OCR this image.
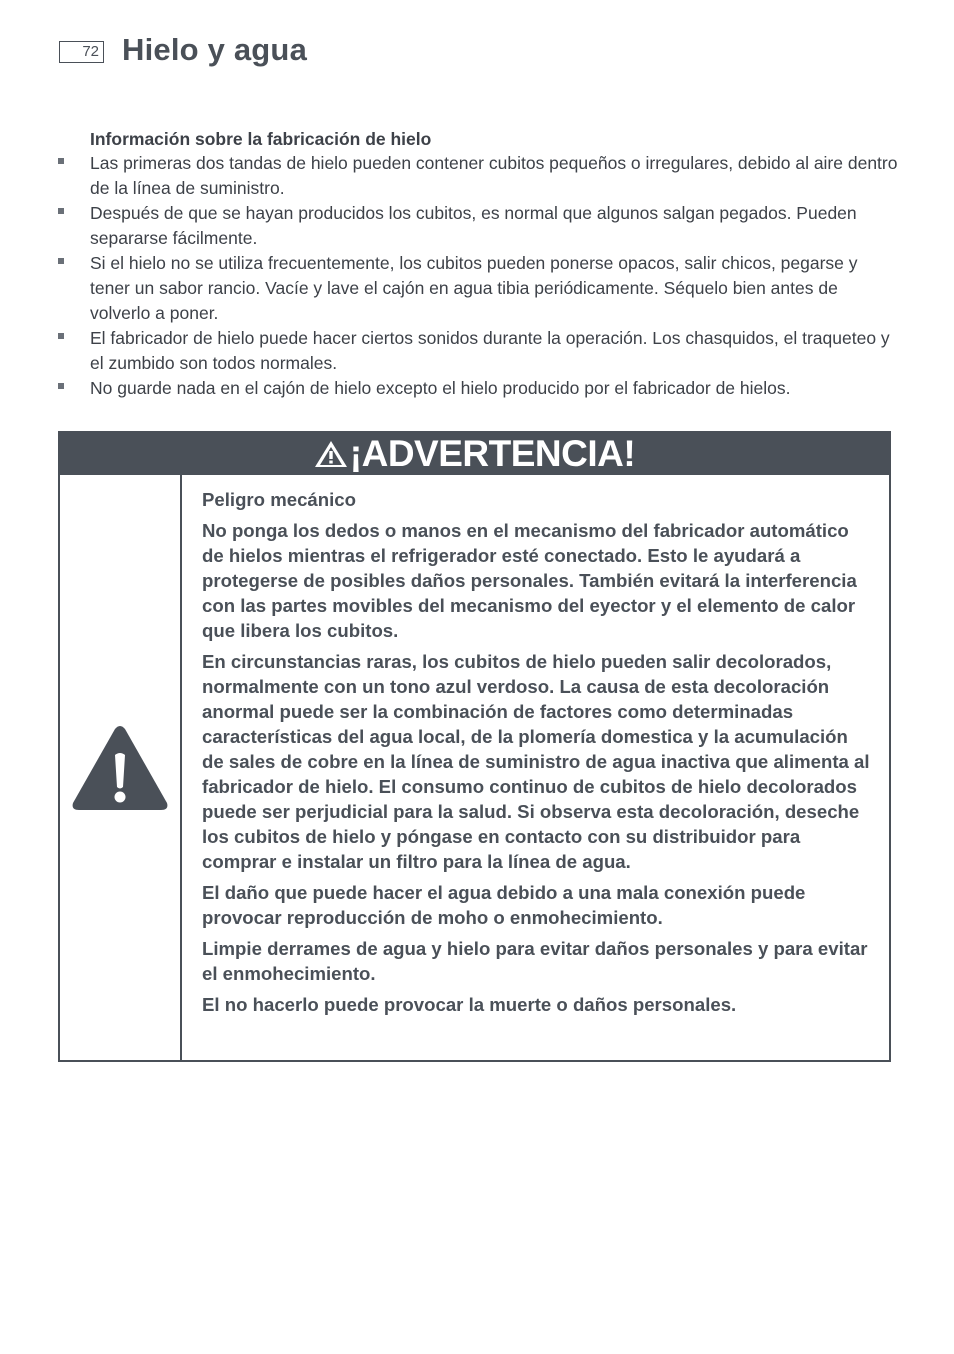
72 Hielo y agua
Información sobre la fabricación de hielo
Las primeras dos tandas de hielo pueden contener cubitos pequeños o irregulares, debido al aire dentro de la línea de suministro.
Después de que se hayan producidos los cubitos, es normal que algunos salgan pegados. Pueden separarse fácilmente.
Si el hielo no se utiliza frecuentemente, los cubitos pueden ponerse opacos, salir chicos, pegarse y tener un sabor rancio. Vacíe y lave el cajón en agua tibia periódicamente. Séquelo bien antes de volverlo a poner.
El fabricador de hielo puede hacer ciertos sonidos durante la operación. Los chasquidos, el traqueteo y el zumbido son todos normales.
No guarde nada en el cajón de hielo excepto el hielo producido por el fabricador de hielos.
¡ADVERTENCIA!

Peligro mecánico

No ponga los dedos o manos en el mecanismo del fabricador automático de hielos mientras el refrigerador esté conectado. Esto le ayudará a protegerse de posibles daños personales. También evitará la interferencia con las partes movibles del mecanismo del eyector y el elemento de calor que libera los cubitos.

En circunstancias raras, los cubitos de hielo pueden salir decolorados, normalmente con un tono azul verdoso. La causa de esta decoloración anormal puede ser la combinación de factores como determinadas características del agua local, de la plomería domestica y la acumulación de sales de cobre en la línea de suministro de agua inactiva que alimenta al fabricador de hielo. El consumo continuo de cubitos de hielo decolorados puede ser perjudicial para la salud. Si observa esta decoloración, deseche los cubitos de hielo y póngase en contacto con su distribuidor para comprar e instalar un filtro para la línea de agua.

El daño que puede hacer el agua debido a una mala conexión puede provocar reproducción de moho o enmohecimiento.

Limpie derrames de agua y hielo para evitar daños personales y para evitar el enmohecimiento.

El no hacerlo puede provocar la muerte o daños personales.
